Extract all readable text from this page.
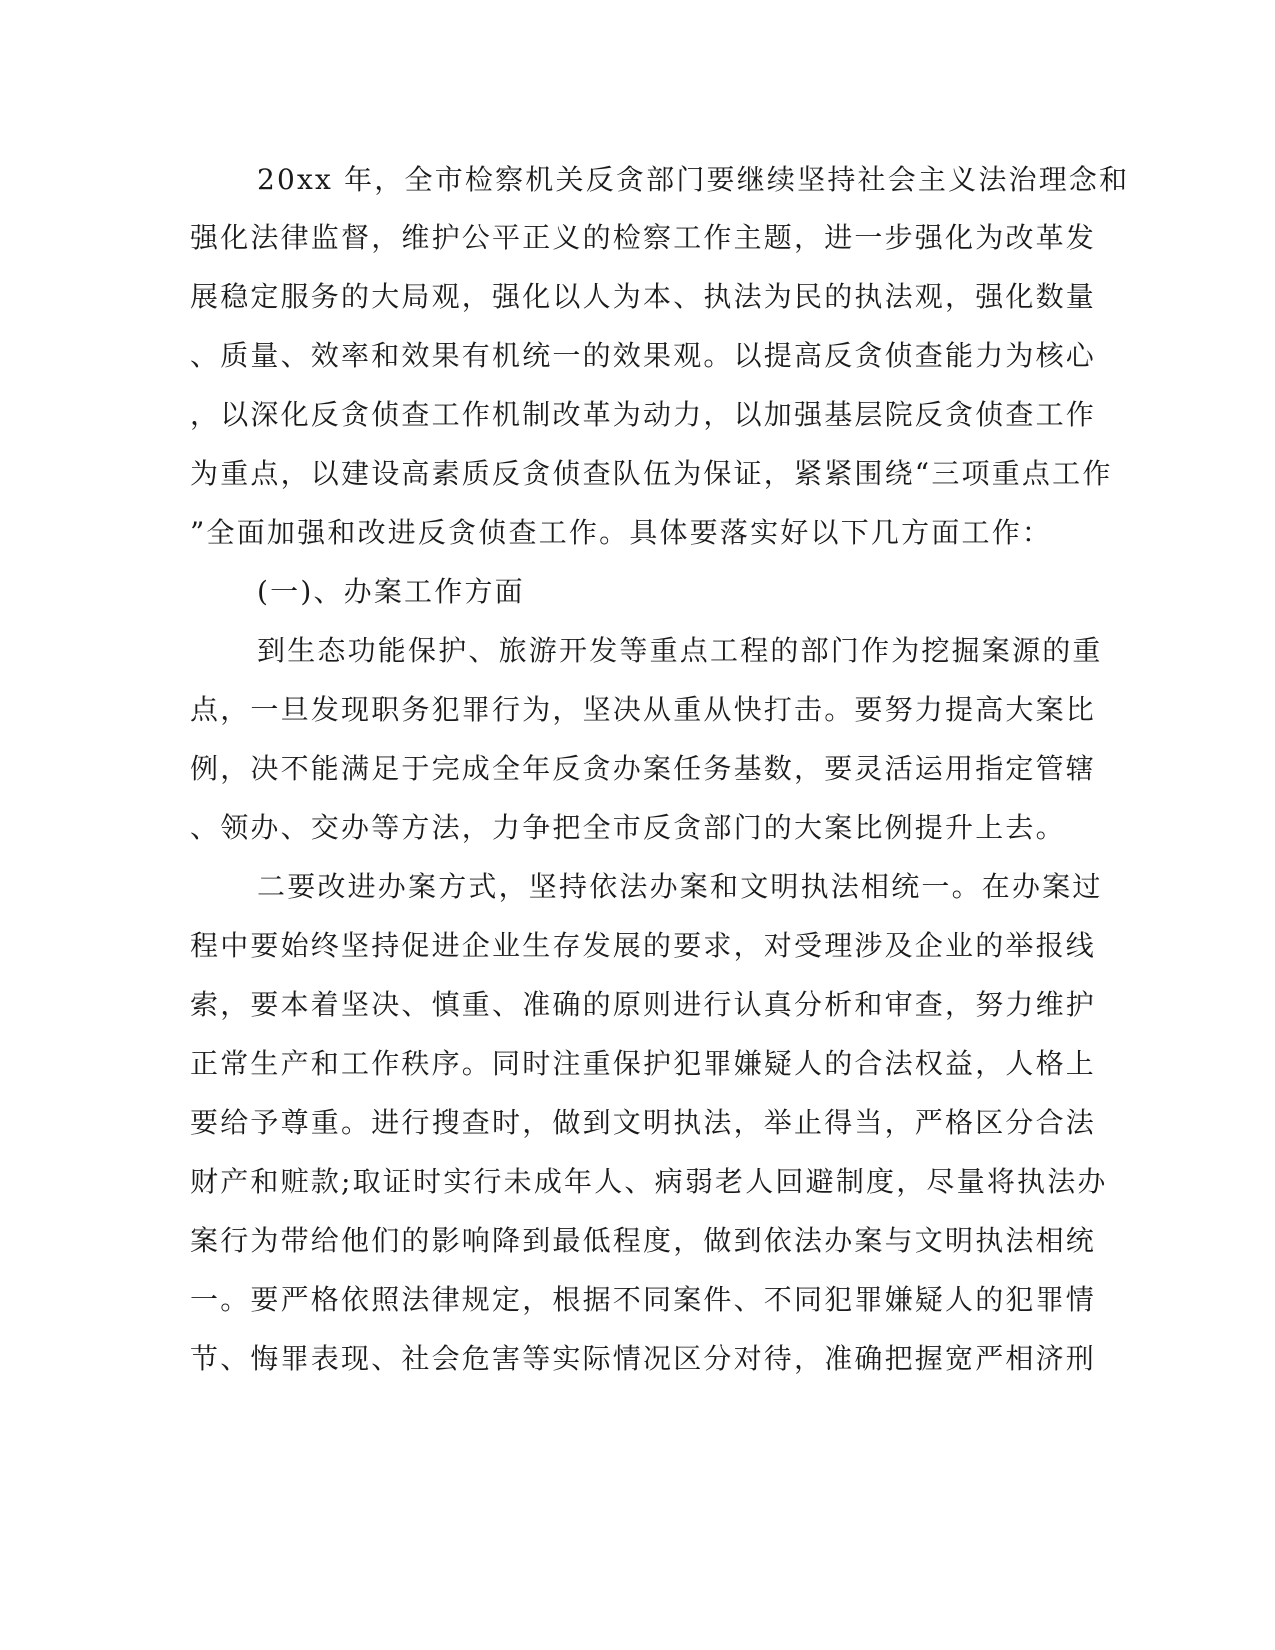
20xx 年，全市检察机关反贪部门要继续坚持社会主义法治理念和
强化法律监督，维护公平正义的检察工作主题，进一步强化为改革发
展稳定服务的大局观，强化以人为本、执法为民的执法观，强化数量
、质量、效率和效果有机统一的效果观。以提高反贪侦查能力为核心
，以深化反贪侦查工作机制改革为动力，以加强基层院反贪侦查工作
为重点，以建设高素质反贪侦查队伍为保证，紧紧围绕“三项重点工作
”全面加强和改进反贪侦查工作。具体要落实好以下几方面工作：
(一)、办案工作方面
到生态功能保护、旅游开发等重点工程的部门作为挖掘案源的重
点，一旦发现职务犯罪行为，坚决从重从快打击。要努力提高大案比
例，决不能满足于完成全年反贪办案任务基数，要灵活运用指定管辖
、领办、交办等方法，力争把全市反贪部门的大案比例提升上去。
二要改进办案方式，坚持依法办案和文明执法相统一。在办案过
程中要始终坚持促进企业生存发展的要求，对受理涉及企业的举报线
索，要本着坚决、慎重、准确的原则进行认真分析和审查，努力维护
正常生产和工作秩序。同时注重保护犯罪嫌疑人的合法权益，人格上
要给予尊重。进行搜查时，做到文明执法，举止得当，严格区分合法
财产和赃款;取证时实行未成年人、病弱老人回避制度，尽量将执法办
案行为带给他们的影响降到最低程度，做到依法办案与文明执法相统
一。要严格依照法律规定，根据不同案件、不同犯罪嫌疑人的犯罪情
节、悔罪表现、社会危害等实际情况区分对待，准确把握宽严相济刑
